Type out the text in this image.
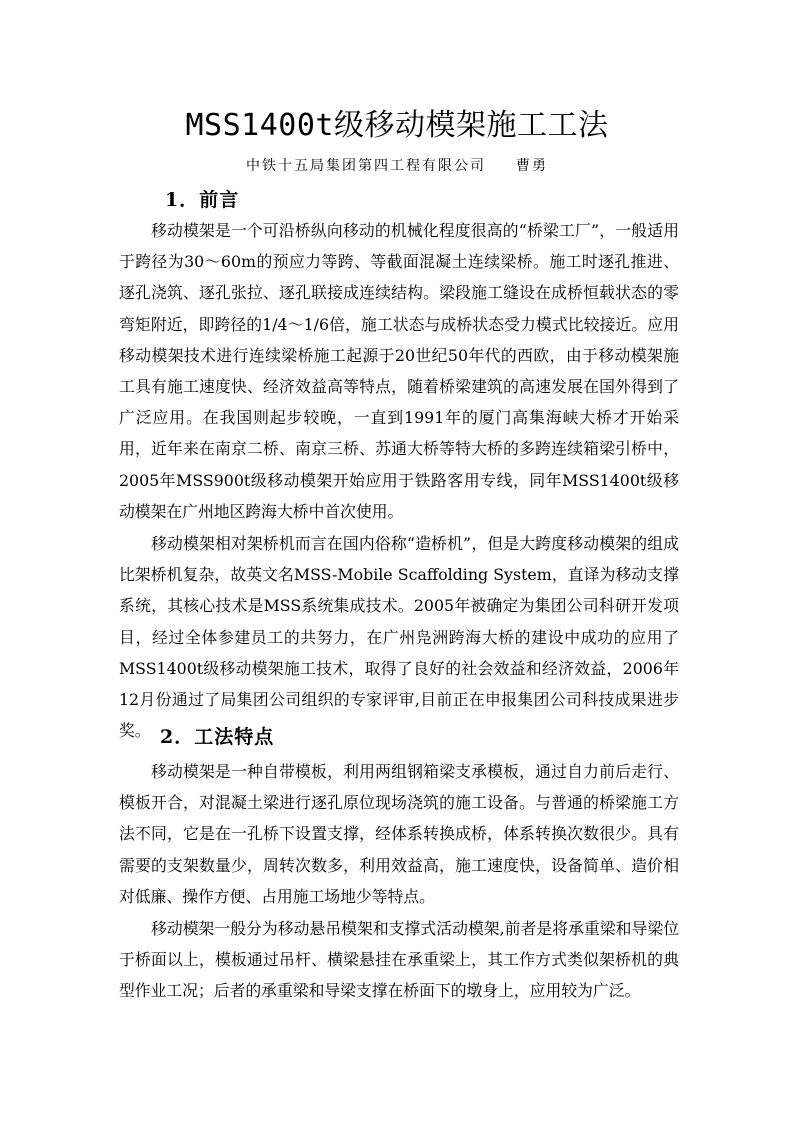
MSS1400t级移动模架施工工法
中铁十五局集团第四工程有限公司 曹勇
1．前言
移动模架是一个可沿桥纵向移动的机械化程度很高的“桥梁工厂”，一般适用于跨径为30～60m的预应力等跨、等截面混凝土连续梁桥。施工时逐孔推进、逐孔浇筑、逐孔张拉、逐孔联接成连续结构。梁段施工缝设在成桥恒载状态的零弯矩附近，即跨径的1/4～1/6倍，施工状态与成桥状态受力模式比较接近。应用移动模架技术进行连续梁桥施工起源于20世纪50年代的西欧，由于移动模架施工具有施工速度快、经济效益高等特点，随着桥梁建筑的高速发展在国外得到了广泛应用。在我国则起步较晚，一直到1991年的厦门高集海峡大桥才开始采用，近年来在南京二桥、南京三桥、苏通大桥等特大桥的多跨连续箱梁引桥中，2005年MSS900t级移动模架开始应用于铁路客用专线，同年MSS1400t级移动模架在广州地区跨海大桥中首次使用。
移动模架相对架桥机而言在国内俗称“造桥机”，但是大跨度移动模架的组成比架桥机复杂，故英文名MSS-Mobile Scaffolding System，直译为移动支撑系统，其核心技术是MSS系统集成技术。2005年被确定为集团公司科研开发项目，经过全体参建员工的共努力，在广州凫洲跨海大桥的建设中成功的应用了MSS1400t级移动模架施工技术，取得了良好的社会效益和经济效益，2006年12月份通过了局集团公司组织的专家评审,目前正在申报集团公司科技成果进步奖。 2．工法特点
移动模架是一种自带模板，利用两组钢箱梁支承模板，通过自力前后走行、模板开合，对混凝土梁进行逐孔原位现场浇筑的施工设备。与普通的桥梁施工方法不同，它是在一孔桥下设置支撑，经体系转换成桥，体系转换次数很少。具有需要的支架数量少，周转次数多，利用效益高，施工速度快，设备简单、造价相对低廉、操作方便、占用施工场地少等特点。
移动模架一般分为移动悬吊模架和支撑式活动模架,前者是将承重梁和导梁位于桥面以上，模板通过吊杆、横梁悬挂在承重梁上，其工作方式类似架桥机的典型作业工况；后者的承重梁和导梁支撑在桥面下的墩身上，应用较为广泛。
